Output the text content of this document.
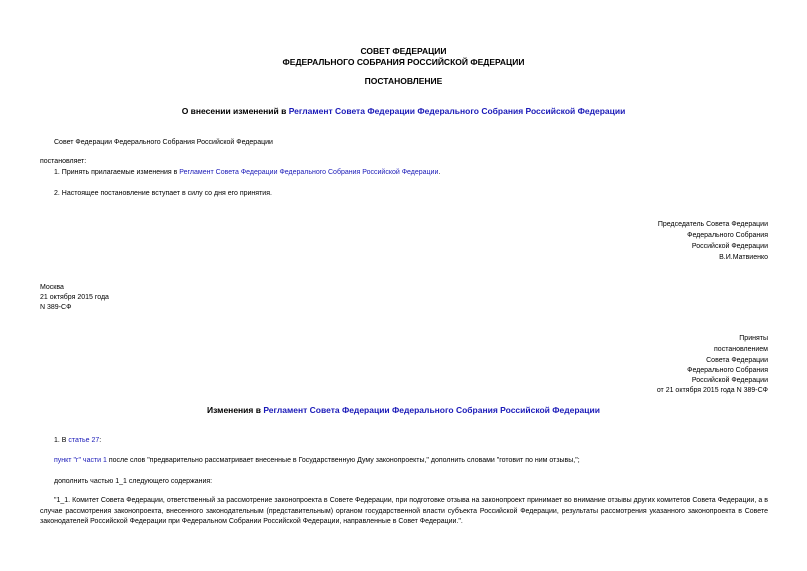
СОВЕТ ФЕДЕРАЦИИ
ФЕДЕРАЛЬНОГО СОБРАНИЯ РОССИЙСКОЙ ФЕДЕРАЦИИ
ПОСТАНОВЛЕНИЕ
О внесении изменений в Регламент Совета Федерации Федерального Собрания Российской Федерации
Совет Федерации Федерального Собрания Российской Федерации
постановляет:
1. Принять прилагаемые изменения в Регламент Совета Федерации Федерального Собрания Российской Федерации.
2. Настоящее постановление вступает в силу со дня его принятия.
Председатель Совета Федерации
Федерального Собрания
Российской Федерации
В.И.Матвиенко
Москва
21 октября 2015 года
N 389-СФ
Приняты
постановлением
Совета Федерации
Федерального Собрания
Российской Федерации
от 21 октября 2015 года N 389-СФ
Изменения в Регламент Совета Федерации Федерального Собрания Российской Федерации
1. В статье 27:
пункт "г" части 1 после слов "предварительно рассматривает внесенные в Государственную Думу законопроекты," дополнить словами "готовит по ним отзывы,";
дополнить частью 1_1 следующего содержания:
"1_1. Комитет Совета Федерации, ответственный за рассмотрение законопроекта в Совете Федерации, при подготовке отзыва на законопроект принимает во внимание отзывы других комитетов Совета Федерации, а в случае рассмотрения законопроекта, внесенного законодательным (представительным) органом государственной власти субъекта Российской Федерации, результаты рассмотрения указанного законопроекта в Совете законодателей Российской Федерации при Федеральном Собрании Российской Федерации, направленные в Совет Федерации.".
